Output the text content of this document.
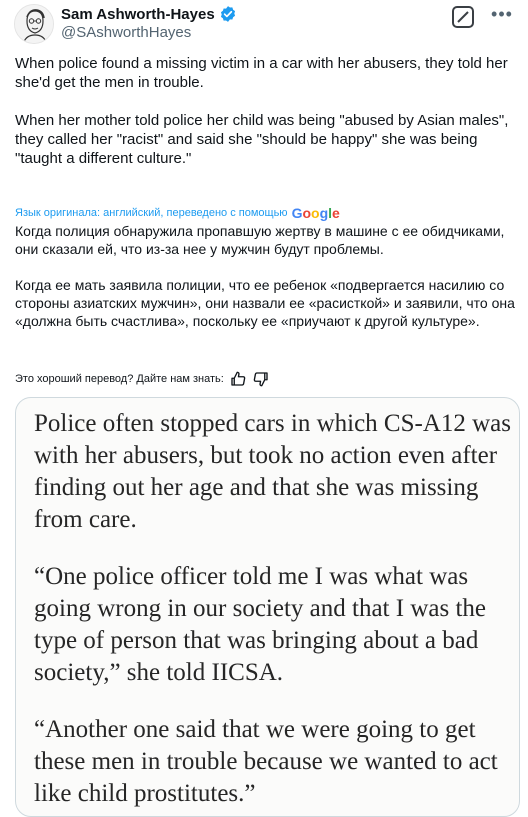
Sam Ashworth-Hayes
@SAshworthHayes
•••
When police found a missing victim in a car with her abusers, they told her she'd get the men in trouble.

When her mother told police her child was being "abused by Asian males", they called her "racist" and said she "should be happy" she was being
"taught a different culture."
Язык оригинала: английский, переведено с помощью Google
Когда полиция обнаружила пропавшую жертву в машине с ее обидчиками, они сказали ей, что из-за нее у мужчин будут проблемы.

Когда ее мать заявила полиции, что ее ребенок «подвергается насилию со стороны азиатских мужчин», они назвали ее «расисткой» и заявили, что она «должна быть счастлива», поскольку ее «приучают к другой культуре».
Это хороший перевод? Дайте нам знать:

Police often stopped cars in which CS-A12 was with her abusers, but took no action even after finding out her age and that she was missing from care.

“One police officer told me I was what was going wrong in our society and that I was the type of person that was bringing about a bad society,” she told IICSA.

“Another one said that we were going to get these men in trouble because we wanted to act like child prostitutes.”
